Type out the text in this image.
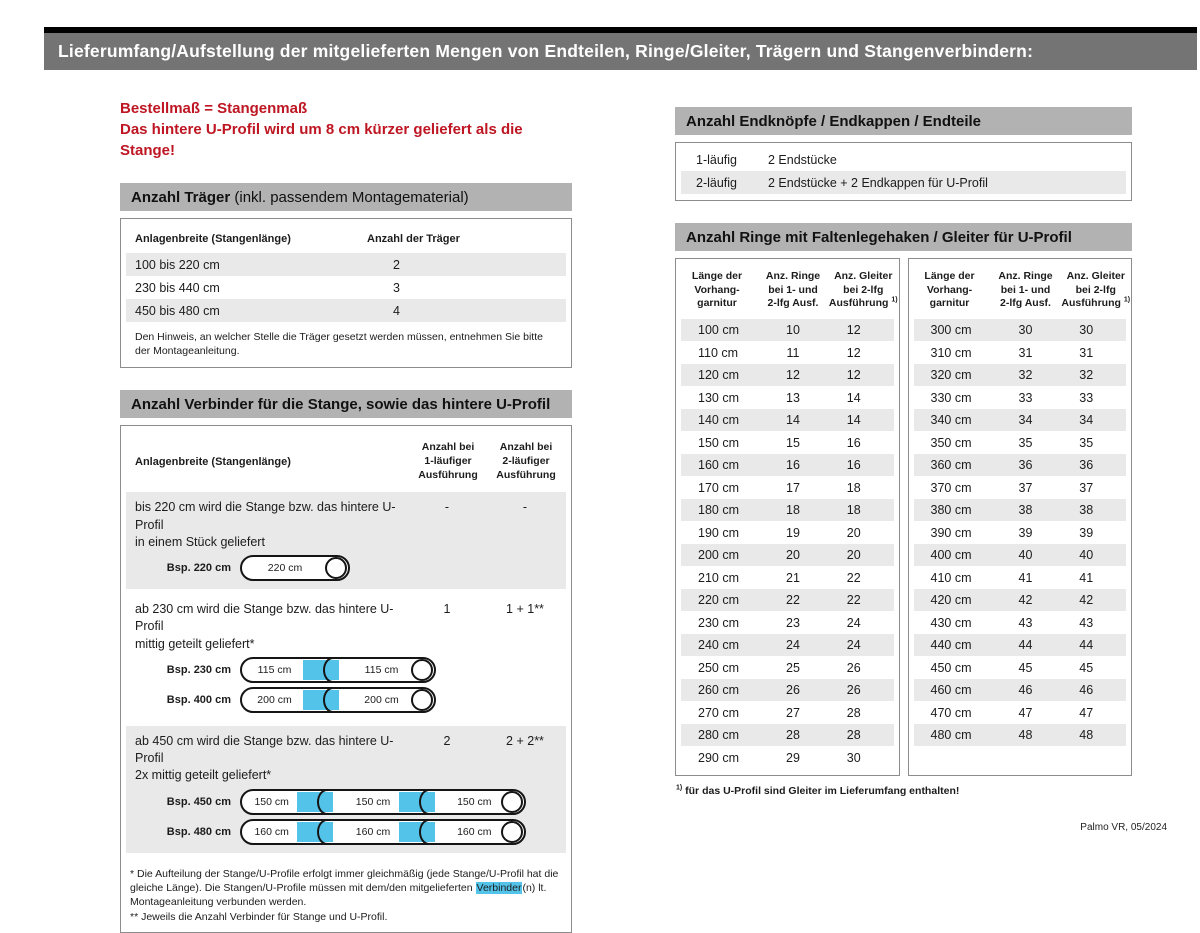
Lieferumfang/Aufstellung der mitgelieferten Mengen von Endteilen, Ringe/Gleiter, Trägern und Stangenverbindern:
Bestellmaß = Stangenmaß
Das hintere U-Profil wird um 8 cm kürzer geliefert als die Stange!
Anzahl Träger (inkl. passendem Montagematerial)
Anlagenbreite (Stangenlänge)	Anzahl der Träger
100 bis 220 cm	2
230 bis 440 cm	3
450 bis 480 cm	4
Den Hinweis, an welcher Stelle die Träger gesetzt werden müssen, entnehmen Sie bitte der Montageanleitung.
Anzahl Verbinder für die Stange, sowie das hintere U-Profil
Anlagenbreite (Stangenlänge)
Anzahl bei
1-läufiger
Ausführung
Anzahl bei
2-läufiger
Ausführung
bis 220 cm wird die Stange bzw. das hintere U-Profil
in einem Stück geliefert
-	-
Bsp. 220 cm	220 cm
ab 230 cm wird die Stange bzw. das hintere U-Profil
mittig geteilt geliefert*
1	1 + 1**
Bsp. 230 cm	115 cm	115 cm
Bsp. 400 cm	200 cm	200 cm
ab 450 cm wird die Stange bzw. das hintere U-Profil
2x mittig geteilt geliefert*
2	2 + 2**
Bsp. 450 cm	150 cm	150 cm	150 cm
Bsp. 480 cm	160 cm	160 cm	160 cm
* Die Aufteilung der Stange/U-Profile erfolgt immer gleichmäßig (jede Stange/U-Profil hat die gleiche Länge). Die Stangen/U-Profile müssen mit dem/den mitgelieferten Verbinder(n) lt. Montageanleitung verbunden werden.
** Jeweils die Anzahl Verbinder für Stange und U-Profil.
Anzahl Endknöpfe / Endkappen / Endteile
1-läufig	2 Endstücke
2-läufig	2 Endstücke + 2 Endkappen für U-Profil
Anzahl Ringe mit Faltenlegehaken / Gleiter für U-Profil
Länge der
Vorhang-
garnitur
Anz. Ringe
bei 1- und
2-lfg Ausf.
Anz. Gleiter
bei 2-lfg
Ausführung $^{1)}$
100 cm	10	12
110 cm	11	12
120 cm	12	12
130 cm	13	14
140 cm	14	14
150 cm	15	16
160 cm	16	16
170 cm	17	18
180 cm	18	18
190 cm	19	20
200 cm	20	20
210 cm	21	22
220 cm	22	22
230 cm	23	24
240 cm	24	24
250 cm	25	26
260 cm	26	26
270 cm	27	28
280 cm	28	28
290 cm	29	30
Länge der
Vorhang-
garnitur
Anz. Ringe
bei 1- und
2-lfg Ausf.
Anz. Gleiter
bei 2-lfg
Ausführung $^{1)}$
300 cm	30	30
310 cm	31	31
320 cm	32	32
330 cm	33	33
340 cm	34	34
350 cm	35	35
360 cm	36	36
370 cm	37	37
380 cm	38	38
390 cm	39	39
400 cm	40	40
410 cm	41	41
420 cm	42	42
430 cm	43	43
440 cm	44	44
450 cm	45	45
460 cm	46	46
470 cm	47	47
480 cm	48	48
$^{1)}$ für das U-Profil sind Gleiter im Lieferumfang enthalten!
Palmo VR, 05/2024
